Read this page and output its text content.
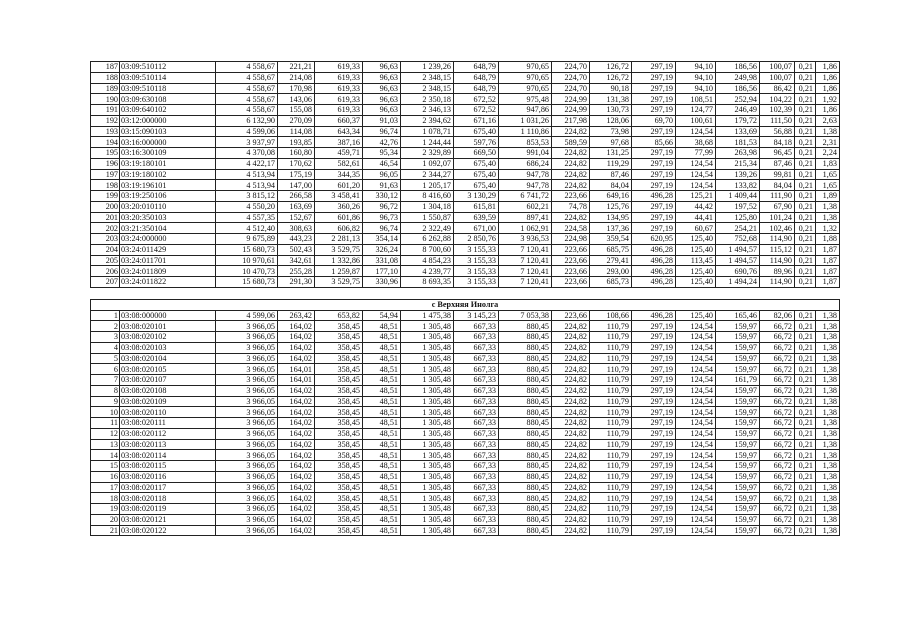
187	03:09:510112	4 558,67	221,21	619,33	96,63	1 239,26	648,79	970,65	224,70	126,72	297,19	94,10	186,56	100,07	0,21	1,86
188	03:09:510114	4 558,67	214,08	619,33	96,63	2 348,15	648,79	970,65	224,70	126,72	297,19	94,10	249,98	100,07	0,21	1,86
189	03:09:510118	4 558,67	170,98	619,33	96,63	2 348,15	648,79	970,65	224,70	90,18	297,19	94,10	186,56	86,42	0,21	1,86
190	03:09:630108	4 558,67	143,06	619,33	96,63	2 350,18	672,52	975,48	224,99	131,38	297,19	108,51	252,94	104,22	0,21	1,92
191	03:09:640102	4 558,67	155,08	619,33	96,63	2 346,13	672,52	947,86	224,99	130,73	297,19	124,77	246,49	102,39	0,21	1,86
192	03:12:000000	6 132,90	270,09	660,37	91,03	2 394,62	671,16	1 031,26	217,98	128,06	69,70	100,61	179,72	111,50	0,21	2,63
193	03:15:090103	4 599,06	114,08	643,34	96,74	1 078,71	675,40	1 110,86	224,82	73,98	297,19	124,54	133,69	56,88	0,21	1,38
194	03:16:000000	3 937,97	193,85	387,16	42,76	1 244,44	597,76	853,53	589,59	97,68	85,66	38,68	181,53	84,18	0,21	2,31
195	03:16:300109	4 370,08	160,80	459,71	95,34	2 329,89	669,50	991,04	224,82	131,25	297,19	77,99	263,98	96,45	0,21	2,24
196	03:19:180101	4 422,17	170,62	582,61	46,54	1 092,07	675,40	686,24	224,82	119,29	297,19	124,54	215,34	87,46	0,21	1,83
197	03:19:180102	4 513,94	175,19	344,35	96,05	2 344,27	675,40	947,78	224,82	87,46	297,19	124,54	139,26	99,81	0,21	1,65
198	03:19:196101	4 513,94	147,00	601,20	91,63	1 205,17	675,40	947,78	224,82	84,04	297,19	124,54	133,82	84,04	0,21	1,65
199	03:19:250106	3 815,12	266,58	3 458,41	330,12	8 416,60	3 130,29	6 741,72	223,66	649,16	496,28	125,21	1 409,44	111,90	0,21	1,89
200	03:20:010110	4 550,20	163,69	360,26	96,72	1 304,18	615,81	602,21	74,78	125,76	297,19	44,42	197,52	67,90	0,21	1,38
201	03:20:350103	4 557,35	152,67	601,86	96,73	1 550,87	639,59	897,41	224,82	134,95	297,19	44,41	125,80	101,24	0,21	1,38
202	03:21:350104	4 512,40	308,63	606,82	96,74	2 322,49	671,00	1 062,91	224,58	137,36	297,19	60,67	254,21	102,46	0,21	1,32
203	03:24:000000	9 675,89	443,23	2 281,13	354,14	6 262,88	2 850,76	3 936,53	224,98	359,54	620,95	125,40	752,68	114,90	0,21	1,88
204	03:24:011429	15 680,73	502,43	3 529,75	326,24	8 700,60	3 155,33	7 120,41	223,66	685,75	496,28	125,40	1 494,57	115,12	0,21	1,87
205	03:24:011701	10 970,61	342,61	1 332,86	331,08	4 854,23	3 155,33	7 120,41	223,66	279,41	496,28	113,45	1 494,57	114,90	0,21	1,87
206	03:24:011809	10 470,73	255,28	1 259,87	177,10	4 239,77	3 155,33	7 120,41	223,66	293,00	496,28	125,40	690,76	89,96	0,21	1,87
207	03:24:011822	15 680,73	291,30	3 529,75	330,96	8 693,35	3 155,33	7 120,41	223,66	685,73	496,28	125,40	1 494,24	114,90	0,21	1,87

с Верхняя Инолга																
1	03:08:000000	4 599,06	263,42	653,82	54,94	1 475,38	3 145,23	7 053,38	223,66	108,66	496,28	125,40	165,46	82,06	0,21	1,38
2	03:08:020101	3 966,05	164,02	358,45	48,51	1 305,48	667,33	880,45	224,82	110,79	297,19	124,54	159,97	66,72	0,21	1,38
3	03:08:020102	3 966,05	164,02	358,45	48,51	1 305,48	667,33	880,45	224,82	110,79	297,19	124,54	159,97	66,72	0,21	1,38
4	03:08:020103	3 966,05	164,02	358,45	48,51	1 305,48	667,33	880,45	224,82	110,79	297,19	124,54	159,97	66,72	0,21	1,38
5	03:08:020104	3 966,05	164,02	358,45	48,51	1 305,48	667,33	880,45	224,82	110,79	297,19	124,54	159,97	66,72	0,21	1,38
6	03:08:020105	3 966,05	164,01	358,45	48,51	1 305,48	667,33	880,45	224,82	110,79	297,19	124,54	159,97	66,72	0,21	1,38
7	03:08:020107	3 966,05	164,01	358,45	48,51	1 305,48	667,33	880,45	224,82	110,79	297,19	124,54	161,79	66,72	0,21	1,38
8	03:08:020108	3 966,05	164,02	358,45	48,51	1 305,48	667,33	880,45	224,82	110,79	297,19	124,54	159,97	66,72	0,21	1,38
9	03:08:020109	3 966,05	164,02	358,45	48,51	1 305,48	667,33	880,45	224,82	110,79	297,19	124,54	159,97	66,72	0,21	1,38
10	03:08:020110	3 966,05	164,02	358,45	48,51	1 305,48	667,33	880,45	224,82	110,79	297,19	124,54	159,97	66,72	0,21	1,38
11	03:08:020111	3 966,05	164,02	358,45	48,51	1 305,48	667,33	880,45	224,82	110,79	297,19	124,54	159,97	66,72	0,21	1,38
12	03:08:020112	3 966,05	164,02	358,45	48,51	1 305,48	667,33	880,45	224,82	110,79	297,19	124,54	159,97	66,72	0,21	1,38
13	03:08:020113	3 966,05	164,02	358,45	48,51	1 305,48	667,33	880,45	224,82	110,79	297,19	124,54	159,97	66,72	0,21	1,38
14	03:08:020114	3 966,05	164,02	358,45	48,51	1 305,48	667,33	880,45	224,82	110,79	297,19	124,54	159,97	66,72	0,21	1,38
15	03:08:020115	3 966,05	164,02	358,45	48,51	1 305,48	667,33	880,45	224,82	110,79	297,19	124,54	159,97	66,72	0,21	1,38
16	03:08:020116	3 966,05	164,02	358,45	48,51	1 305,48	667,33	880,45	224,82	110,79	297,19	124,54	159,97	66,72	0,21	1,38
17	03:08:020117	3 966,05	164,02	358,45	48,51	1 305,48	667,33	880,45	224,82	110,79	297,19	124,54	159,97	66,72	0,21	1,38
18	03:08:020118	3 966,05	164,02	358,45	48,51	1 305,48	667,33	880,45	224,82	110,79	297,19	124,54	159,97	66,72	0,21	1,38
19	03:08:020119	3 966,05	164,02	358,45	48,51	1 305,48	667,33	880,45	224,82	110,79	297,19	124,54	159,97	66,72	0,21	1,38
20	03:08:020121	3 966,05	164,02	358,45	48,51	1 305,48	667,33	880,45	224,82	110,79	297,19	124,54	159,97	66,72	0,21	1,38
21	03:08:020122	3 966,05	164,02	358,45	48,51	1 305,48	667,33	880,45	224,82	110,79	297,19	124,54	159,97	66,72	0,21	1,38
